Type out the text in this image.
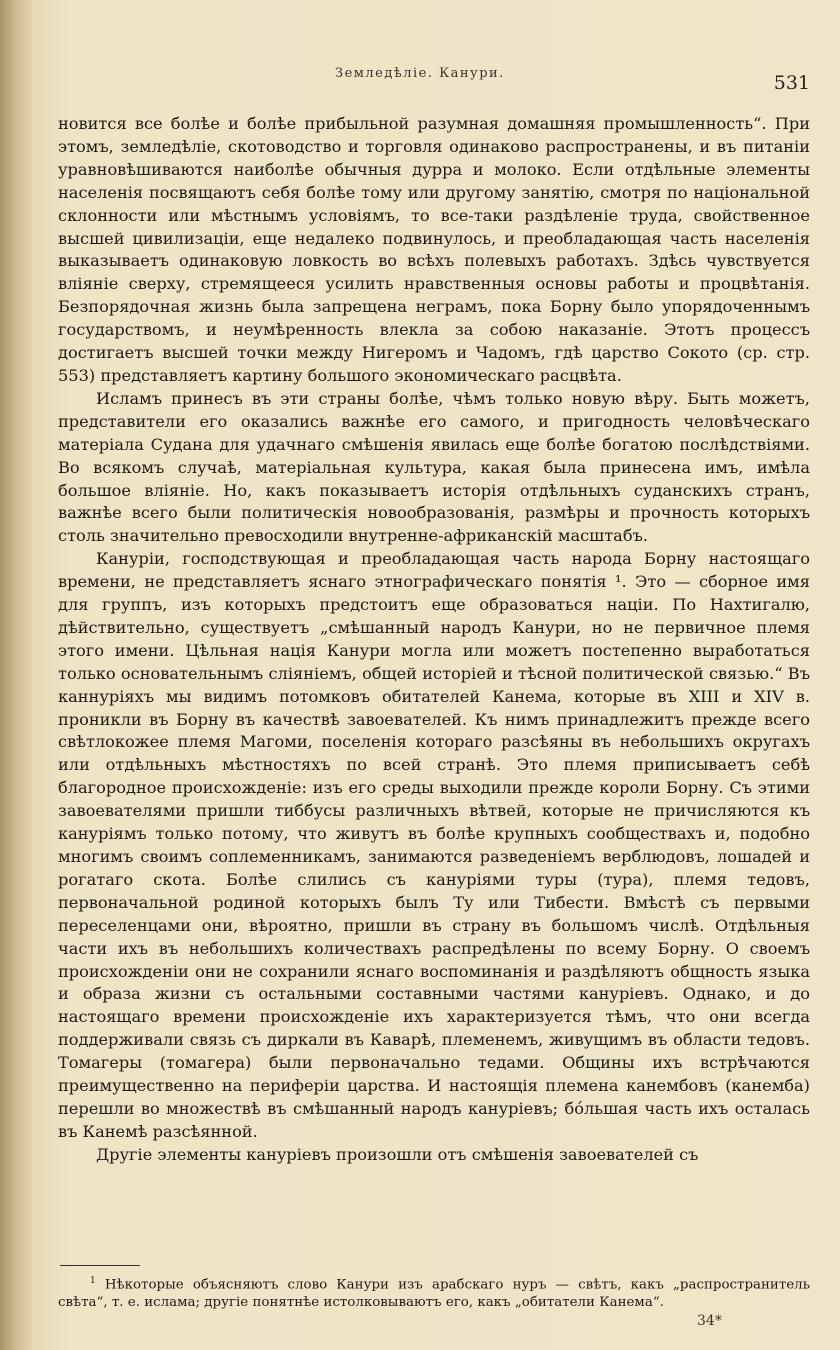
Земледѣліе. Канури.	531

новится все болѣе и болѣе прибыльной разумная домашняя промышленность“. При этомъ, земледѣліе, скотоводство и торговля одинаково распространены, и въ питаніи уравновѣшиваются наиболѣе обычныя дурра и молоко. Если отдѣльные элементы населенія посвящаютъ себя болѣе тому или другому занятію, смотря по національной склонности или мѣстнымъ условіямъ, то все-таки раздѣленіе труда, свойственное высшей цивилизаціи, еще недалеко подвинулось, и преобладающая часть населенія выказываетъ одинаковую ловкость во всѣхъ полевыхъ работахъ. Здѣсь чувствуется вліяніе сверху, стремящееся усилить нравственныя основы работы и процвѣтанія. Безпорядочная жизнь была запрещена неграмъ, пока Борну было упорядоченнымъ государствомъ, и неумѣренность влекла за собою наказаніе. Этотъ процессъ достигаетъ высшей точки между Нигеромъ и Чадомъ, гдѣ царство Сокото (ср. стр. 553) представляетъ картину большого экономическаго расцвѣта.

Исламъ принесъ въ эти страны болѣе, чѣмъ только новую вѣру. Быть можетъ, представители его оказались важнѣе его самого, и пригодность человѣческаго матеріала Судана для удачнаго смѣшенія явилась еще болѣе богатою послѣдствіями. Во всякомъ случаѣ, матеріальная культура, какая была принесена имъ, имѣла большое вліяніе. Но, какъ показываетъ исторія отдѣльныхъ суданскихъ странъ, важнѣе всего были политическія новообразованія, размѣры и прочность которыхъ столь значительно превосходили внутренне-африканскій масштабъ.

Канурiи, господствующая и преобладающая часть народа Борну настоящаго времени, не представляетъ яснаго этнографическаго понятія ¹. Это — сборное имя для группъ, изъ которыхъ предстоитъ еще образоваться націи. По Нахтигалю, дѣйствительно, существуетъ „смѣшанный народъ Канури, но не первичное племя этого имени. Цѣльная нація Канури могла или можетъ постепенно выработаться только основательнымъ сліяніемъ, общей исторіей и тѣсной политической связью.“ Въ каннуріяхъ мы видимъ потомковъ обитателей Канема, которые въ XIII и XIV в. проникли въ Борну въ качествѣ завоевателей. Къ нимъ принадлежитъ прежде всего свѣтлокожее племя Магоми, поселенія котораго разсѣяны въ небольшихъ округахъ или отдѣльныхъ мѣстностяхъ по всей странѣ. Это племя приписываетъ себѣ благородное происхожденіе: изъ его среды выходили прежде короли Борну. Съ этими завоевателями пришли тиббусы различныхъ вѣтвей, которые не причисляются къ кануріямъ только потому, что живутъ въ болѣе крупныхъ сообществахъ и, подобно многимъ своимъ соплеменникамъ, занимаются разведеніемъ верблюдовъ, лошадей и рогатаго скота. Болѣе слились съ кануріями туры (тура), племя тедовъ, первоначальной родиной которыхъ былъ Ту или Тибести. Вмѣстѣ съ первыми переселенцами они, вѣроятно, пришли въ страну въ большомъ числѣ. Отдѣльныя части ихъ въ небольшихъ количествахъ распредѣлены по всему Борну. О своемъ происхожденіи они не сохранили яснаго воспоминанія и раздѣляютъ общность языка и образа жизни съ остальными составными частями кануріевъ. Однако, и до настоящаго времени происхожденіе ихъ характеризуется тѣмъ, что они всегда поддерживали связь съ диркали въ Каварѣ, племенемъ, живущимъ въ области тедовъ. Томагеры (томагера) были первоначально тедами. Общины ихъ встрѣчаются преимущественно на периферіи царства. И настоящія племена канембовъ (канемба) перешли во множествѣ въ смѣшанный народъ кануріевъ; бо́льшая часть ихъ осталась въ Канемѣ разсѣянной.

Другіе элементы кануріевъ произошли отъ смѣшенія завоевателей съ

$^1$ Нѣкоторые объясняютъ слово Канури изъ арабскаго нуръ — свѣтъ, какъ „распространитель свѣта“, т. е. ислама; другіе понятнѣе истолковываютъ его, какъ „обитатели Канема“.
34*
